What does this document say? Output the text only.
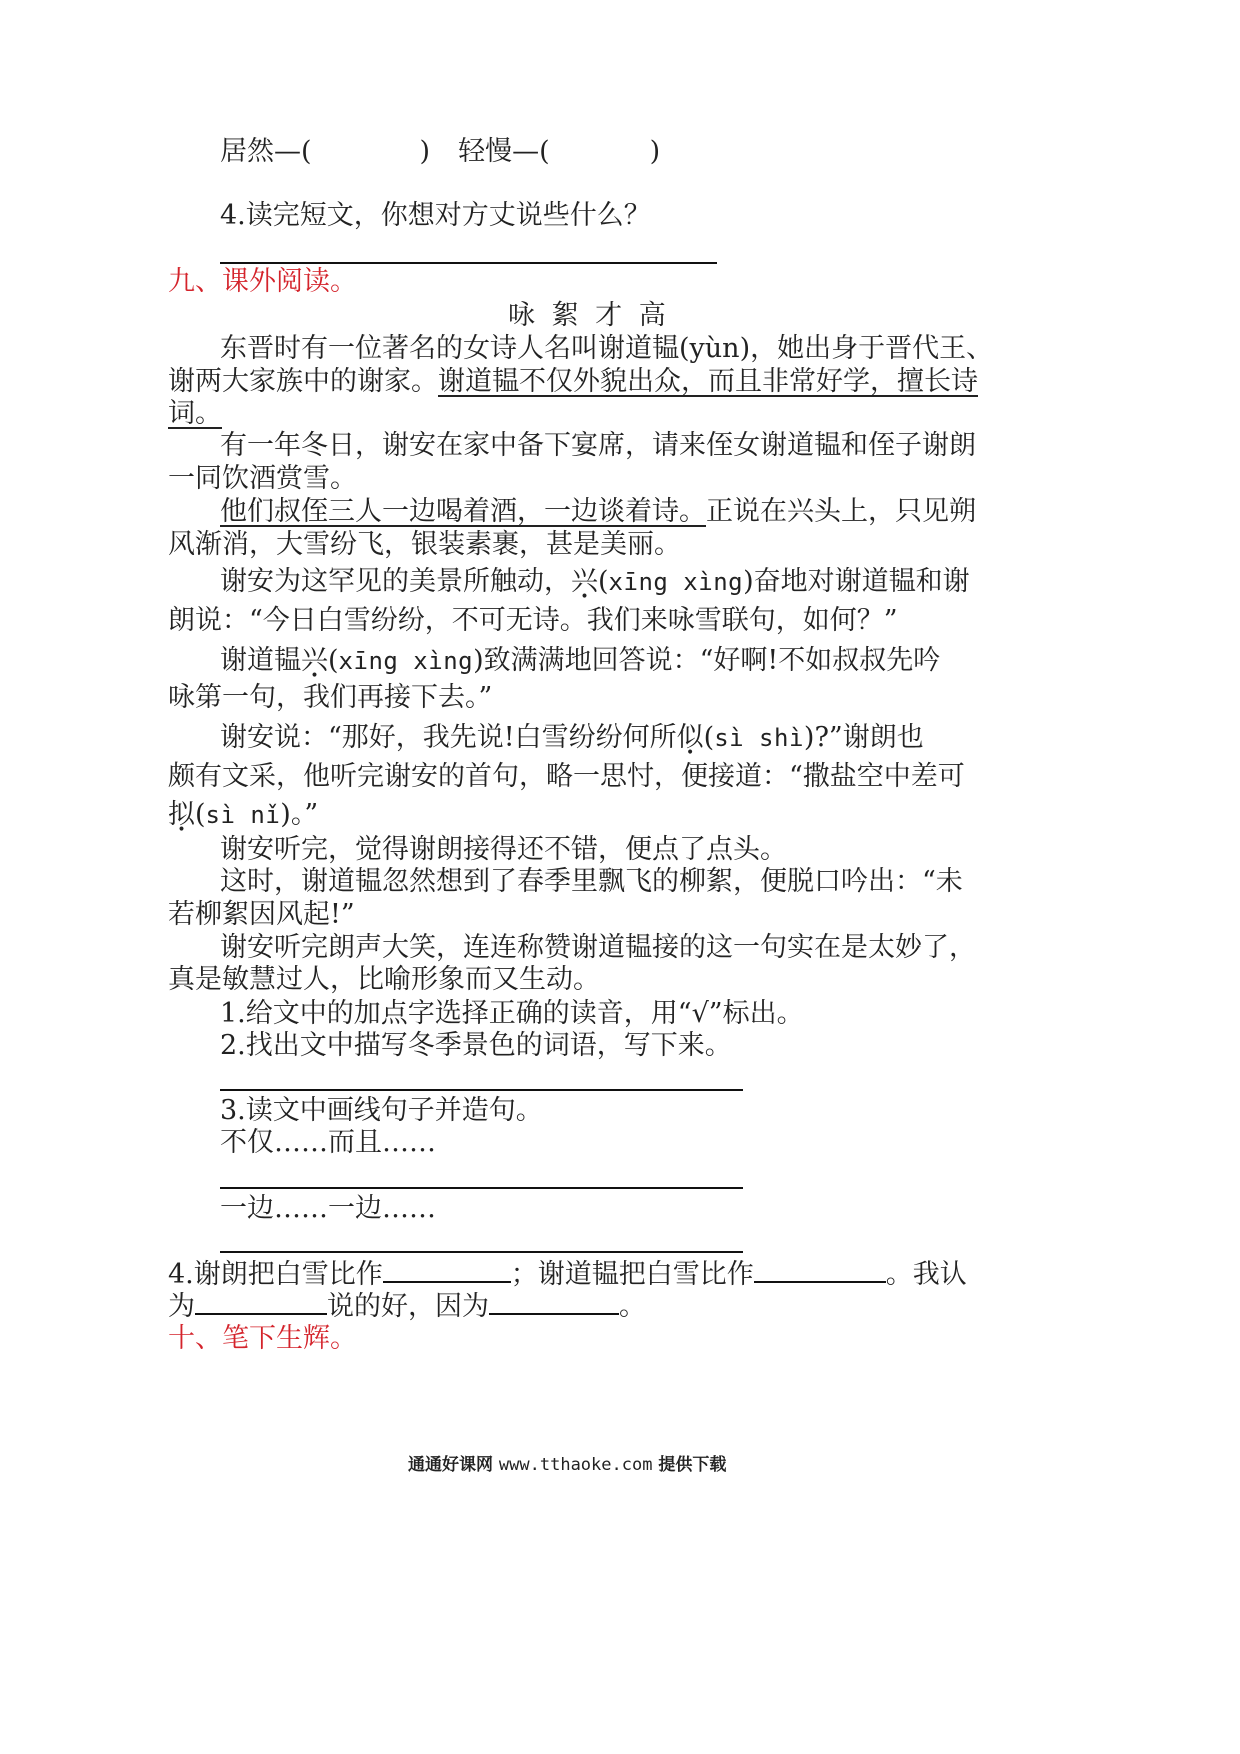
居然—(	) 轻慢—(	)
4.读完短文，你想对方丈说些什么？
九、课外阅读。
咏 絮 才 高
东晋时有一位著名的女诗人名叫谢道韫(yùn)，她出身于晋代王、
谢两大家族中的谢家。谢道韫不仅外貌出众，而且非常好学，擅长诗
词。
有一年冬日，谢安在家中备下宴席，请来侄女谢道韫和侄子谢朗
一同饮酒赏雪。
他们叔侄三人一边喝着酒，一边谈着诗。正说在兴头上，只见朔
风渐消，大雪纷飞，银装素裹，甚是美丽。
谢安为这罕见的美景所触动，兴(xīng xìng)奋地对谢道韫和谢
朗说：“今日白雪纷纷，不可无诗。我们来咏雪联句，如何？”
谢道韫兴(xīng xìng)致满满地回答说：“好啊!不如叔叔先吟
咏第一句，我们再接下去。”
谢安说：“那好，我先说!白雪纷纷何所似(sì shì)?”谢朗也
颇有文采，他听完谢安的首句，略一思忖，便接道：“撒盐空中差可
拟(sì nǐ)。”
谢安听完，觉得谢朗接得还不错，便点了点头。
这时，谢道韫忽然想到了春季里飘飞的柳絮，便脱口吟出：“未
若柳絮因风起!”
谢安听完朗声大笑，连连称赞谢道韫接的这一句实在是太妙了，
真是敏慧过人，比喻形象而又生动。
1.给文中的加点字选择正确的读音，用“√”标出。
2.找出文中描写冬季景色的词语，写下来。
3.读文中画线句子并造句。
不仅……而且……
一边……一边……
4.谢朗把白雪比作	；谢道韫把白雪比作	。我认
为	说的好，因为	。
十、笔下生辉。
通通好课网 www.tthaoke.com 提供下载
